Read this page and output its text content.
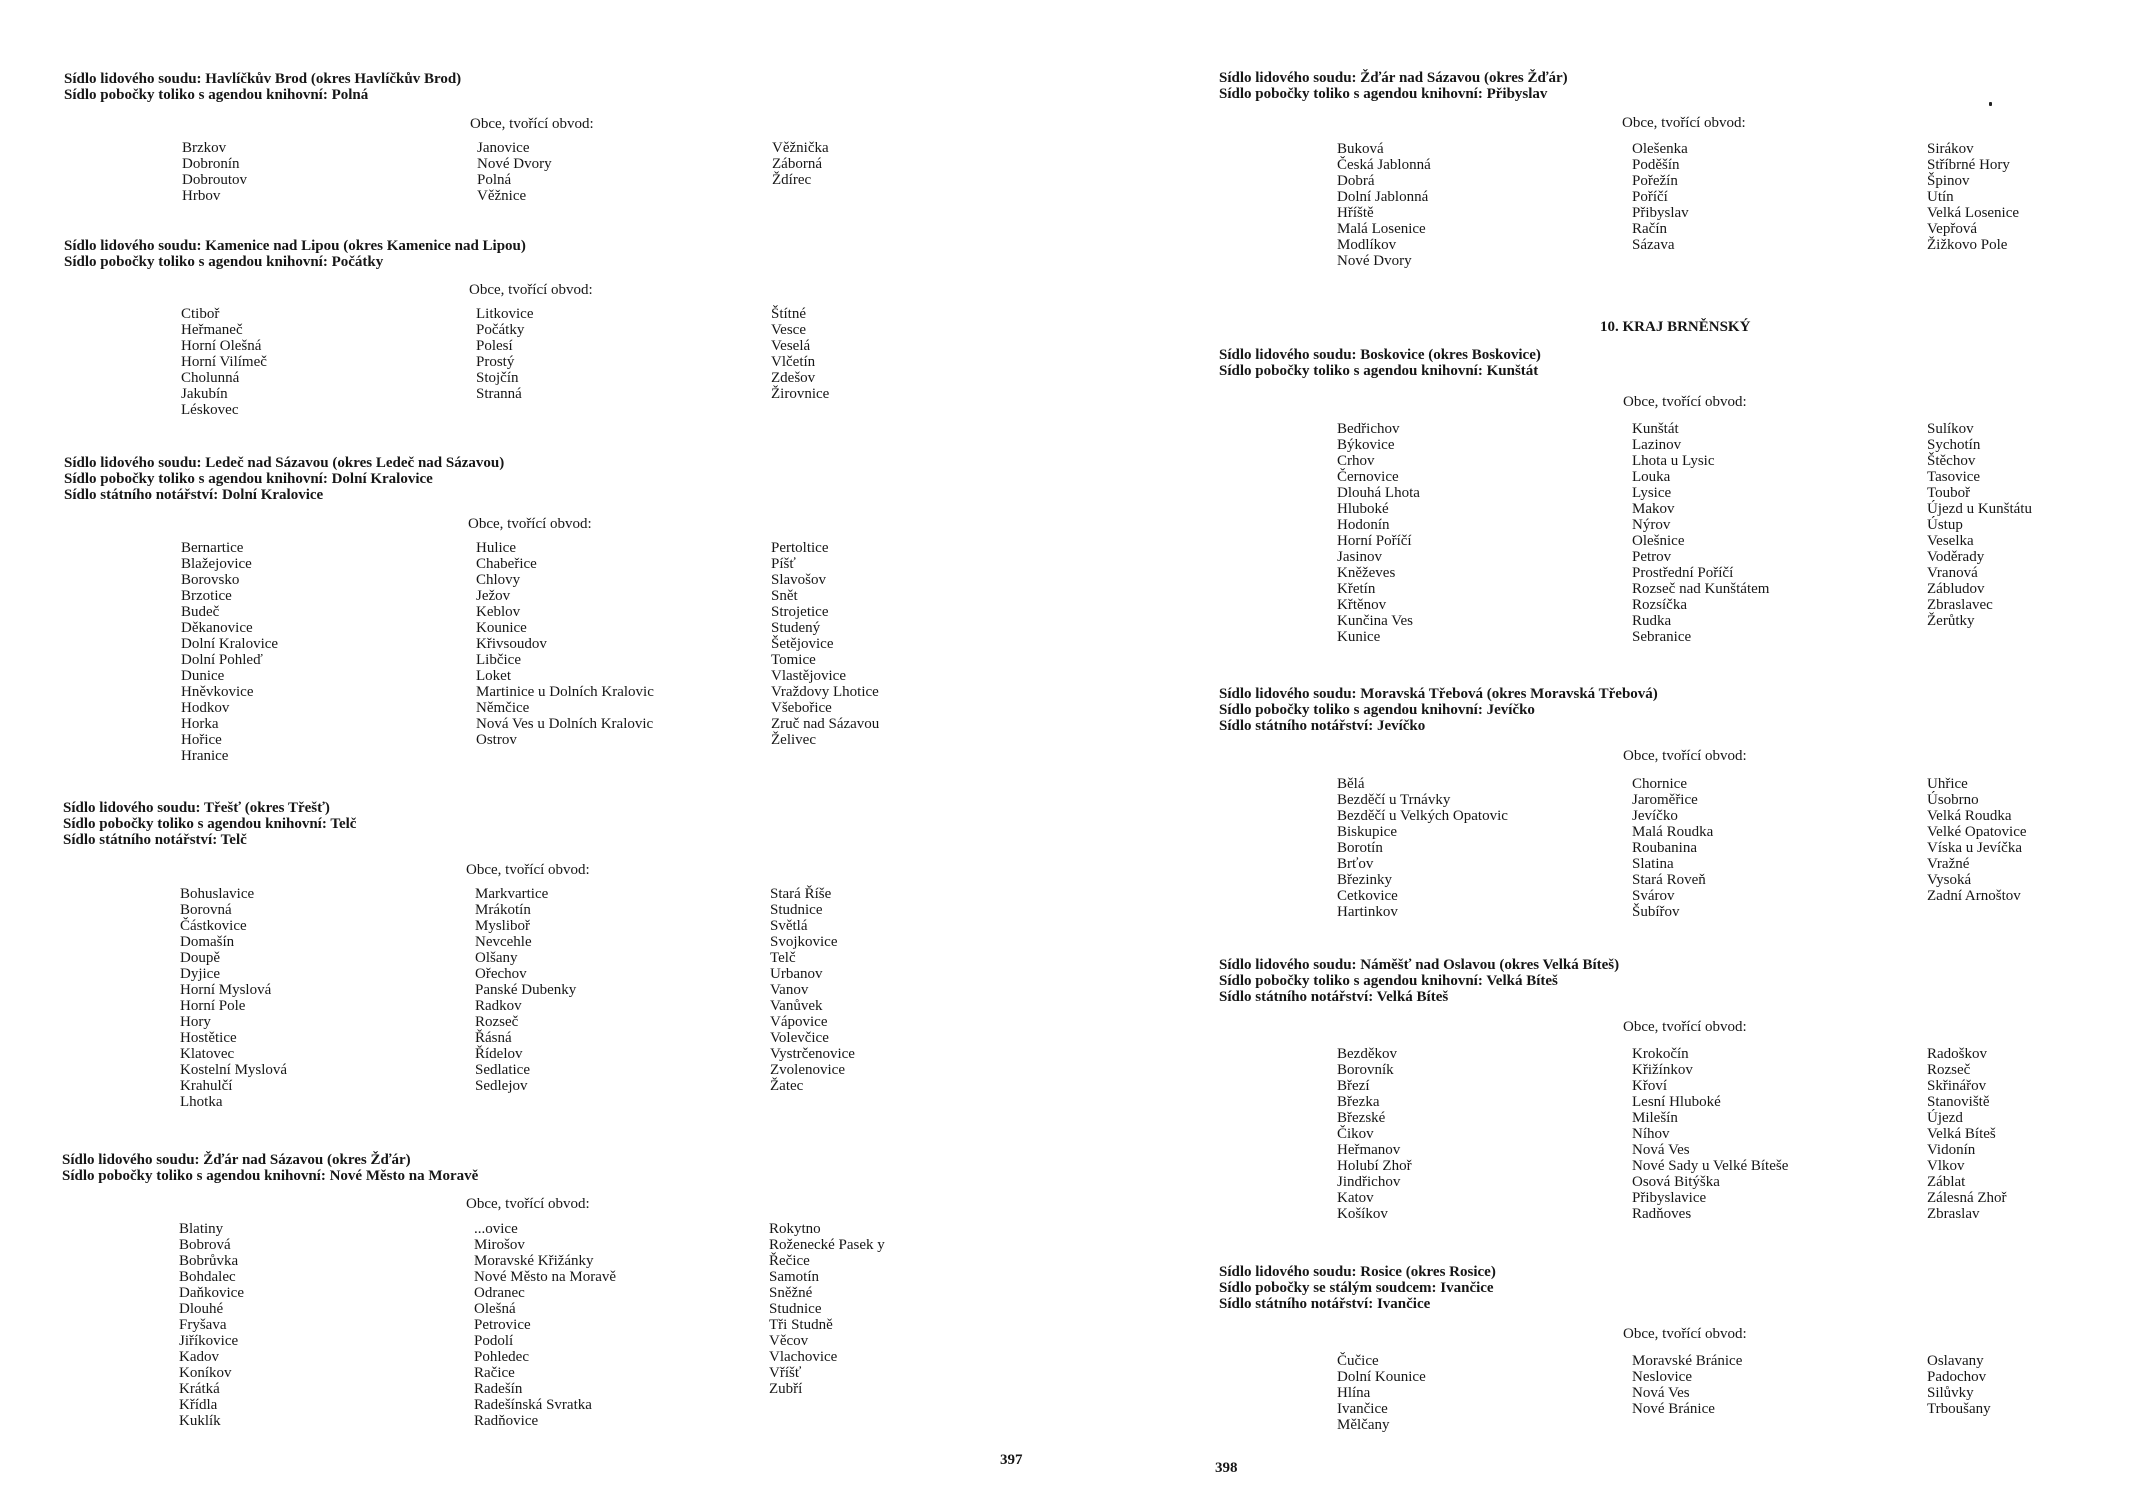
Sídlo lidového soudu: Havlíčkův Brod (okres Havlíčkův Brod)
Sídlo pobočky toliko s agendou knihovní: Polná
Obce, tvořící obvod:
Brzkov
Dobronín
Dobroutov
Hrbov
Janovice
Nové Dvory
Polná
Věžnice
Věžnička
Záborná
Ždírec
Sídlo lidového soudu: Kamenice nad Lipou (okres Kamenice nad Lipou)
Sídlo pobočky toliko s agendou knihovní: Počátky
Obce, tvořící obvod:
Ctiboř
Heřmaneč
Horní Olešná
Horní Vilímeč
Cholunná
Jakubín
Léskovec
Litkovice
Počátky
Polesí
Prostý
Stojčín
Stranná
Štítné
Vesce
Veselá
Vlčetín
Zdešov
Žirovnice
Sídlo lidového soudu: Ledeč nad Sázavou (okres Ledeč nad Sázavou)
Sídlo pobočky toliko s agendou knihovní: Dolní Kralovice
Sídlo státního notářství: Dolní Kralovice
Obce, tvořící obvod:
Bernartice
Blažejovice
Borovsko
Brzotice
Budeč
Děkanovice
Dolní Kralovice
Dolní Pohleď
Dunice
Hněvkovice
Hodkov
Horka
Hořice
Hranice
Hulice
Chabeřice
Chlovy
Ježov
Keblov
Kounice
Křivsoudov
Libčice
Loket
Martinice u Dolních Kralovic
Němčice
Nová Ves u Dolních Kralovic
Ostrov
Pertoltice
Píšť
Slavošov
Snět
Strojetice
Studený
Šetějovice
Tomice
Vlastějovice
Vraždovy Lhotice
Všebořice
Zruč nad Sázavou
Želivec
Sídlo lidového soudu: Třešť (okres Třešť)
Sídlo pobočky toliko s agendou knihovní: Telč
Sídlo státního notářství: Telč
Obce, tvořící obvod:
Bohuslavice
Borovná
Částkovice
Domašín
Doupě
Dyjice
Horní Myslová
Horní Pole
Hory
Hostětice
Klatovec
Kostelní Myslová
Krahulčí
Lhotka
Markvartice
Mrákotín
Mysliboř
Nevcehle
Olšany
Ořechov
Panské Dubenky
Radkov
Rozseč
Řásná
Řídelov
Sedlatice
Sedlejov
Stará Říše
Studnice
Světlá
Svojkovice
Telč
Urbanov
Vanov
Vanůvek
Vápovice
Volevčice
Vystrčenovice
Zvolenovice
Žatec
Sídlo lidového soudu: Žďár nad Sázavou (okres Žďár)
Sídlo pobočky toliko s agendou knihovní: Nové Město na Moravě
Obce, tvořící obvod:
Blatiny
Bobrová
Bobrůvka
Bohdalec
Daňkovice
Dlouhé
Fryšava
Jiříkovice
Kadov
Koníkov
Krátká
Křídla
Kuklík
...ovice
Mirošov
Moravské Křižánky
Nové Město na Moravě
Odranec
Olešná
Petrovice
Podolí
Pohledec
Račice
Radešín
Radešínská Svratka
Radňovice
Rokytno
Roženecké Pasek y
Řečice
Samotín
Sněžné
Studnice
Tři Studně
Věcov
Vlachovice
Vříšť
Zubří
397
Sídlo lidového soudu: Žďár nad Sázavou (okres Žďár)
Sídlo pobočky toliko s agendou knihovní: Přibyslav
Obce, tvořící obvod:
Buková
Česká Jablonná
Dobrá
Dolní Jablonná
Hříště
Malá Losenice
Modlíkov
Nové Dvory
Olešenka
Poděšín
Pořežín
Poříčí
Přibyslav
Račín
Sázava
Sirákov
Stříbrné Hory
Špinov
Utín
Velká Losenice
Vepřová
Žižkovo Pole
10. KRAJ BRNĚNSKÝ
Sídlo lidového soudu: Boskovice (okres Boskovice)
Sídlo pobočky toliko s agendou knihovní: Kunštát
Obce, tvořící obvod:
Bedřichov
Býkovice
Crhov
Černovice
Dlouhá Lhota
Hluboké
Hodonín
Horní Poříčí
Jasinov
Kněževes
Křetín
Křtěnov
Kunčina Ves
Kunice
Kunštát
Lazinov
Lhota u Lysic
Louka
Lysice
Makov
Nýrov
Olešnice
Petrov
Prostřední Poříčí
Rozseč nad Kunštátem
Rozsíčka
Rudka
Sebranice
Sulíkov
Sychotín
Štěchov
Tasovice
Touboř
Újezd u Kunštátu
Ústup
Veselka
Voděrady
Vranová
Zábludov
Zbraslavec
Žerůtky
Sídlo lidového soudu: Moravská Třebová (okres Moravská Třebová)
Sídlo pobočky toliko s agendou knihovní: Jevíčko
Sídlo státního notářství: Jevíčko
Obce, tvořící obvod:
Bělá
Bezděčí u Trnávky
Bezděčí u Velkých Opatovic
Biskupice
Borotín
Brťov
Březinky
Cetkovice
Hartinkov
Chornice
Jaroměřice
Jevíčko
Malá Roudka
Roubanina
Slatina
Stará Roveň
Svárov
Šubířov
Uhřice
Úsobrno
Velká Roudka
Velké Opatovice
Víska u Jevíčka
Vražné
Vysoká
Zadní Arnoštov
Sídlo lidového soudu: Náměšť nad Oslavou (okres Velká Bíteš)
Sídlo pobočky toliko s agendou knihovní: Velká Bíteš
Sídlo státního notářství: Velká Bíteš
Obce, tvořící obvod:
Bezděkov
Borovník
Březí
Březka
Březské
Čikov
Heřmanov
Holubí Zhoř
Jindřichov
Katov
Košíkov
Krokočín
Křižínkov
Křoví
Lesní Hluboké
Milešín
Níhov
Nová Ves
Nové Sady u Velké Bíteše
Osová Bitýška
Přibyslavice
Radňoves
Radoškov
Rozseč
Skřinářov
Stanoviště
Újezd
Velká Bíteš
Vidonín
Vlkov
Záblat
Zálesná Zhoř
Zbraslav
Sídlo lidového soudu: Rosice (okres Rosice)
Sídlo pobočky se stálým soudcem: Ivančice
Sídlo státního notářství: Ivančice
Obce, tvořící obvod:
Čučice
Dolní Kounice
Hlína
Ivančice
Mělčany
Moravské Bránice
Neslovice
Nová Ves
Nové Bránice
Oslavany
Padochov
Silůvky
Trboušany
398
